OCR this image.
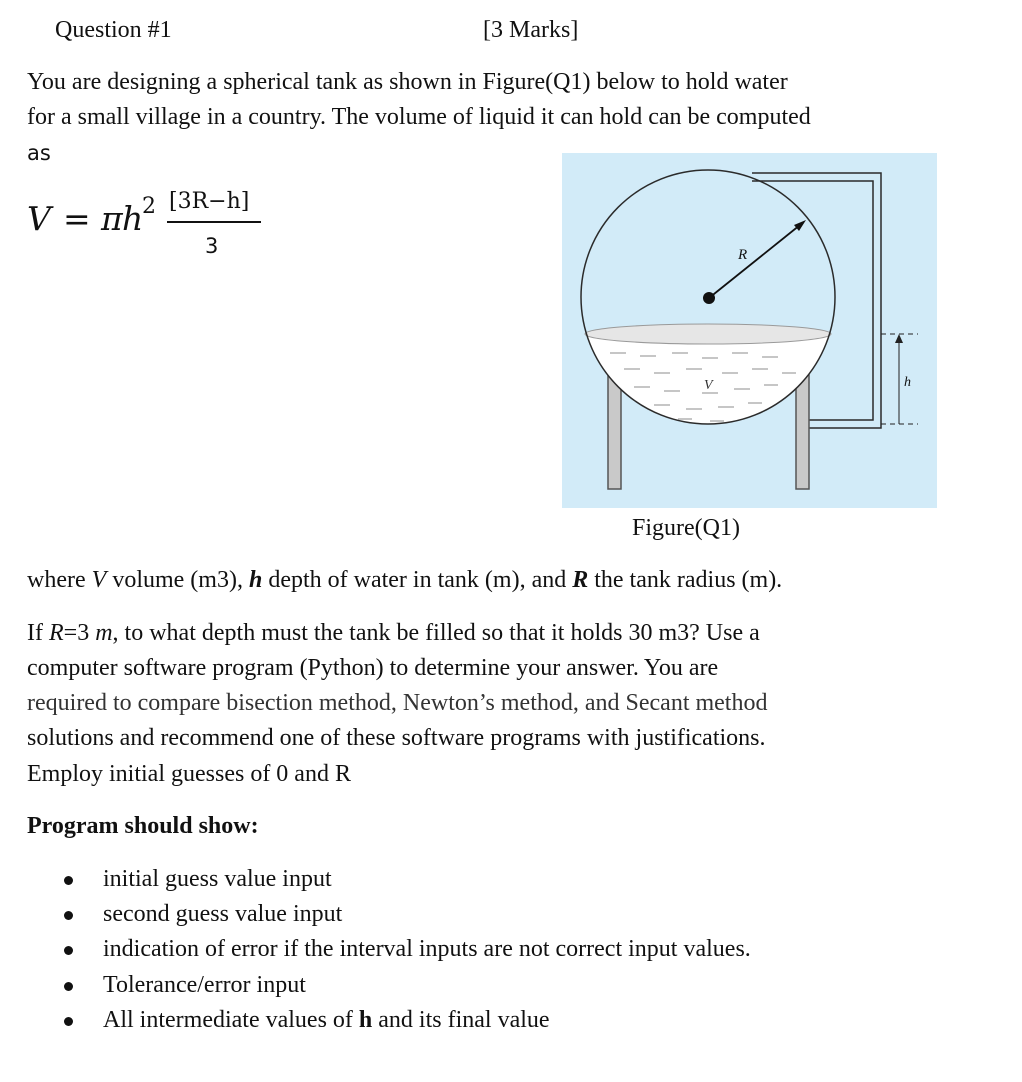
Question #1	[3 Marks]
You are designing a spherical tank as shown in Figure(Q1) below to hold water
for a small village in a country. The volume of liquid it can hold can be computed
as
V = π h
2 [3R−h]
3	R
V	h
Figure(Q1)
where V volume (m3), h depth of water in tank (m), and R the tank radius (m).
If R=3 m, to what depth must the tank be filled so that it holds 30 m3? Use a
computer software program (Python) to determine your answer. You are
required to compare bisection method, Newton’s method, and Secant method
solutions and recommend one of these software programs with justifications.
Employ initial guesses of 0 and R
Program should show:
initial guess value input
second guess value input
indication of error if the interval inputs are not correct input values.
Tolerance/error input
All intermediate values of h and its final value
